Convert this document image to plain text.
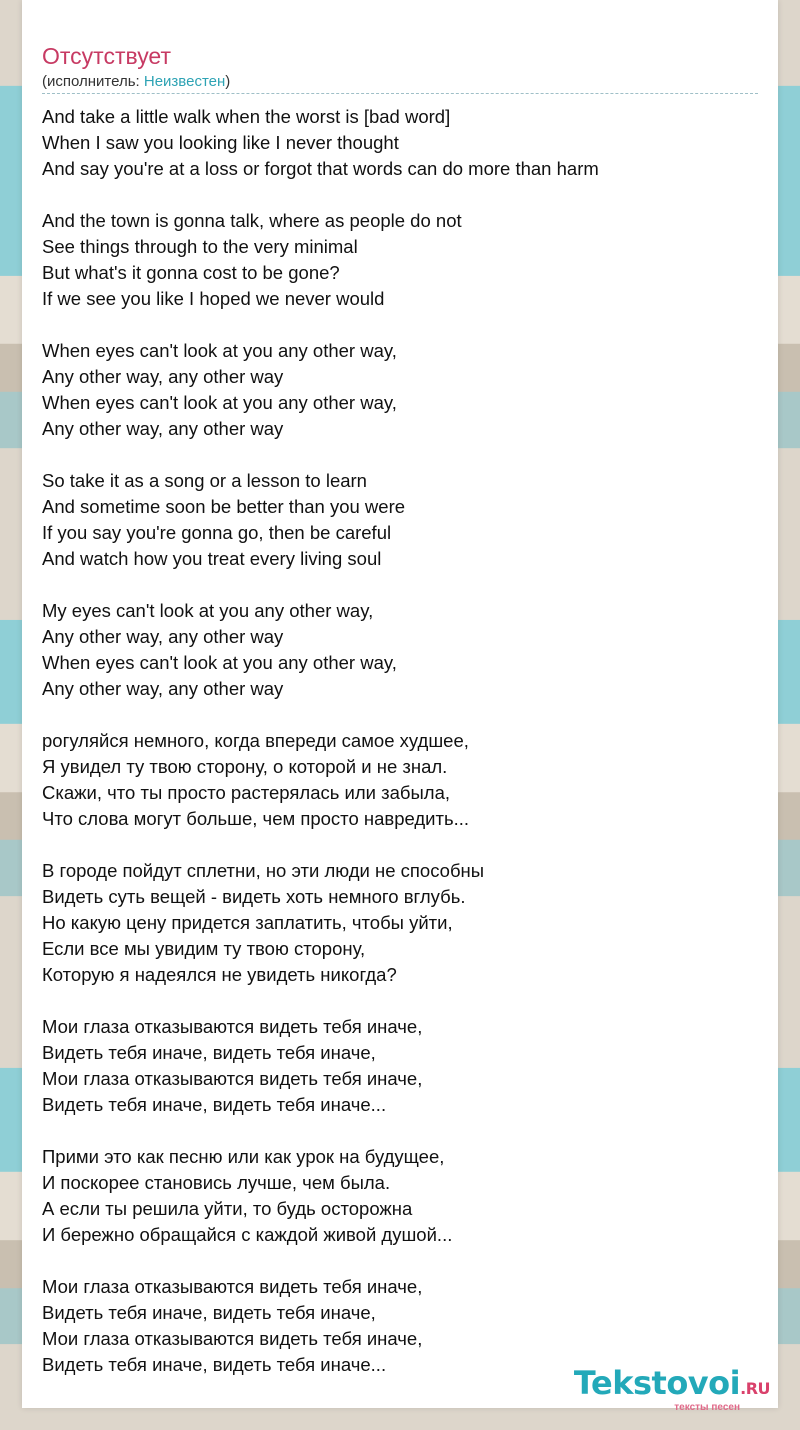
Отсутствует
(исполнитель: Неизвестен)
And take a little walk when the worst is [bad word]
When I saw you looking like I never thought
And say you're at a loss or forgot that words can do more than harm
And the town is gonna talk, where as people do not
See things through to the very minimal
But what's it gonna cost to be gone?
If we see you like I hoped we never would
When eyes can't look at you any other way,
Any other way, any other way
When eyes can't look at you any other way,
Any other way, any other way
So take it as a song or a lesson to learn
And sometime soon be better than you were
If you say you're gonna go, then be careful
And watch how you treat every living soul
My eyes can't look at you any other way,
Any other way, any other way
When eyes can't look at you any other way,
Any other way, any other way
рогуляйся немного, когда впереди самое худшее,
Я увидел ту твою сторону, о которой и не знал.
Скажи, что ты просто растерялась или забыла,
Что слова могут больше, чем просто навредить...
В городе пойдут сплетни, но эти люди не способны
Видеть суть вещей - видеть хоть немного вглубь.
Но какую цену придется заплатить, чтобы уйти,
Если все мы увидим ту твою сторону,
Которую я надеялся не увидеть никогда?
Мои глаза отказываются видеть тебя иначе,
Видеть тебя иначе, видеть тебя иначе,
Мои глаза отказываются видеть тебя иначе,
Видеть тебя иначе, видеть тебя иначе...
Прими это как песню или как урок на будущее,
И поскорее становись лучше, чем была.
А если ты решила уйти, то будь осторожна
И бережно обращайся с каждой живой душой...
Мои глаза отказываются видеть тебя иначе,
Видеть тебя иначе, видеть тебя иначе,
Мои глаза отказываются видеть тебя иначе,
Видеть тебя иначе, видеть тебя иначе...	Tekstovoi.RU
тексты песен
